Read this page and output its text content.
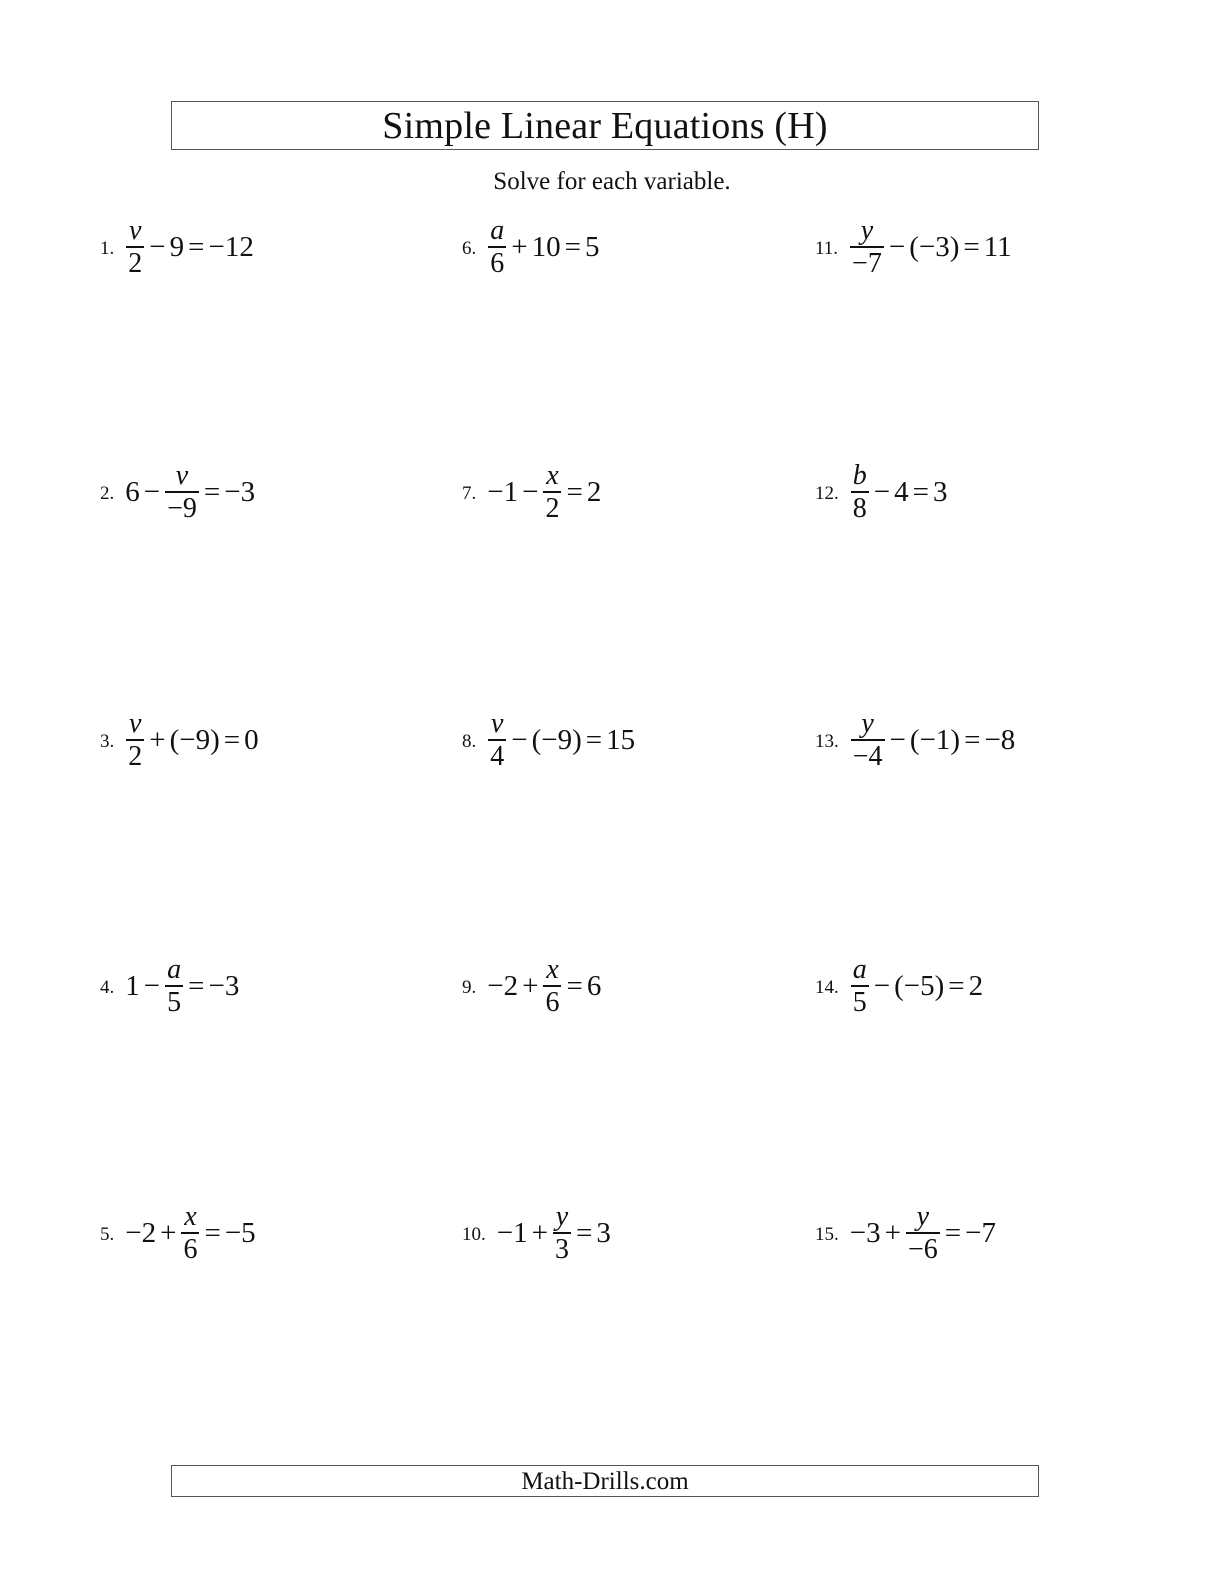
Simple Linear Equations (H)
Solve for each variable.
1. $\frac{v}{2} - 9 = -12$
2. $6 - \frac{v}{-9} = -3$
3. $\frac{v}{2} + (-9) = 0$
4. $1 - \frac{a}{5} = -3$
5. $-2 + \frac{x}{6} = -5$
6. $\frac{a}{6} + 10 = 5$
7. $-1 - \frac{x}{2} = 2$
8. $\frac{v}{4} - (-9) = 15$
9. $-2 + \frac{x}{6} = 6$
10. $-1 + \frac{y}{3} = 3$
11. $\frac{y}{-7} - (-3) = 11$
12. $\frac{b}{8} - 4 = 3$
13. $\frac{y}{-4} - (-1) = -8$
14. $\frac{a}{5} - (-5) = 2$
15. $-3 + \frac{y}{-6} = -7$
Math-Drills.com
